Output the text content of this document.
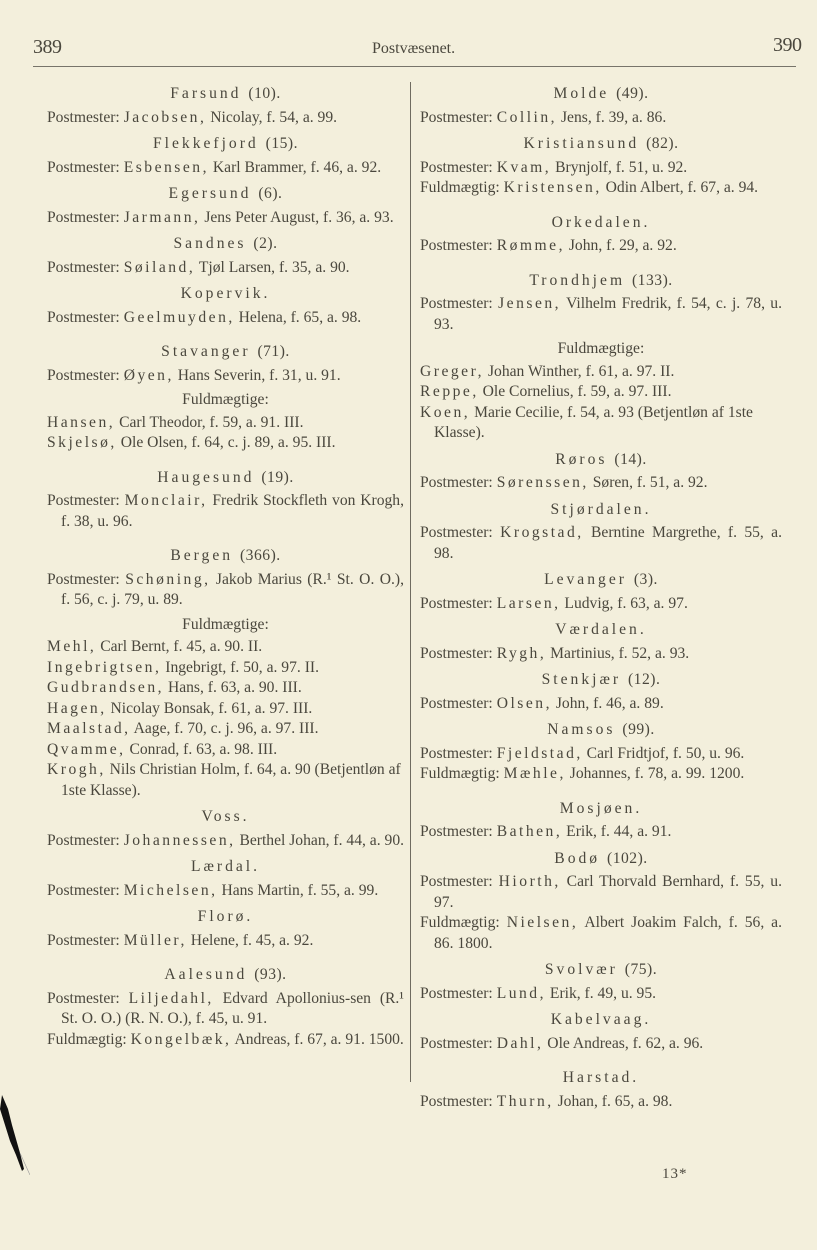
389	Postvæsenet.	390
Farsund (10).
Postmester: Jacobsen, Nicolay, f. 54, a. 99.
Flekkefjord (15).
Postmester: Esbensen, Karl Brammer, f. 46, a. 92.
Egersund (6).
Postmester: Jarmann, Jens Peter August, f. 36, a. 93.
Sandnes (2).
Postmester: Søiland, Tjøl Larsen, f. 35, a. 90.
Kopervik.
Postmester: Geelmuyden, Helena, f. 65, a. 98.
Stavanger (71).
Postmester: Øyen, Hans Severin, f. 31, u. 91.
Fuldmægtige:
Hansen, Carl Theodor, f. 59, a. 91. III.
Skjelsø, Ole Olsen, f. 64, c. j. 89, a. 95. III.
Haugesund (19).
Postmester: Monclair, Fredrik Stockfleth von Krogh, f. 38, u. 96.
Bergen (366).
Postmester: Schøning, Jakob Marius (R.¹ St. O. O.), f. 56, c. j. 79, u. 89.
Fuldmægtige:
Mehl, Carl Bernt, f. 45, a. 90. II.
Ingebrigtsen, Ingebrigt, f. 50, a. 97. II.
Gudbrandsen, Hans, f. 63, a. 90. III.
Hagen, Nicolay Bonsak, f. 61, a. 97. III.
Maalstad, Aage, f. 70, c. j. 96, a. 97. III.
Qvamme, Conrad, f. 63, a. 98. III.
Krogh, Nils Christian Holm, f. 64, a. 90 (Betjentløn af 1ste Klasse).
Voss.
Postmester: Johannessen, Berthel Johan, f. 44, a. 90.
Lærdal.
Postmester: Michelsen, Hans Martin, f. 55, a. 99.
Florø.
Postmester: Müller, Helene, f. 45, a. 92.
Aalesund (93).
Postmester: Liljedahl, Edvard Apollonius-sen (R.¹ St. O. O.) (R. N. O.), f. 45, u. 91.
Fuldmægtig: Kongelbæk, Andreas, f. 67, a. 91. 1500.
Molde (49).
Postmester: Collin, Jens, f. 39, a. 86.
Kristiansund (82).
Postmester: Kvam, Brynjolf, f. 51, u. 92.
Fuldmægtig: Kristensen, Odin Albert, f. 67, a. 94.
Orkedalen.
Postmester: Rømme, John, f. 29, a. 92.
Trondhjem (133).
Postmester: Jensen, Vilhelm Fredrik, f. 54, c. j. 78, u. 93.
Fuldmægtige:
Greger, Johan Winther, f. 61, a. 97. II.
Reppe, Ole Cornelius, f. 59, a. 97. III.
Koen, Marie Cecilie, f. 54, a. 93 (Betjentløn af 1ste Klasse).
Røros (14).
Postmester: Sørenssen, Søren, f. 51, a. 92.
Stjørdalen.
Postmester: Krogstad, Berntine Margrethe, f. 55, a. 98.
Levanger (3).
Postmester: Larsen, Ludvig, f. 63, a. 97.
Værdalen.
Postmester: Rygh, Martinius, f. 52, a. 93.
Stenkjær (12).
Postmester: Olsen, John, f. 46, a. 89.
Namsos (99).
Postmester: Fjeldstad, Carl Fridtjof, f. 50, u. 96.
Fuldmægtig: Mæhle, Johannes, f. 78, a. 99. 1200.
Mosjøen.
Postmester: Bathen, Erik, f. 44, a. 91.
Bodø (102).
Postmester: Hiorth, Carl Thorvald Bernhard, f. 55, u. 97.
Fuldmægtig: Nielsen, Albert Joakim Falch, f. 56, a. 86. 1800.
Svolvær (75).
Postmester: Lund, Erik, f. 49, u. 95.
Kabelvaag.
Postmester: Dahl, Ole Andreas, f. 62, a. 96.
Harstad.
Postmester: Thurn, Johan, f. 65, a. 98.
13*
